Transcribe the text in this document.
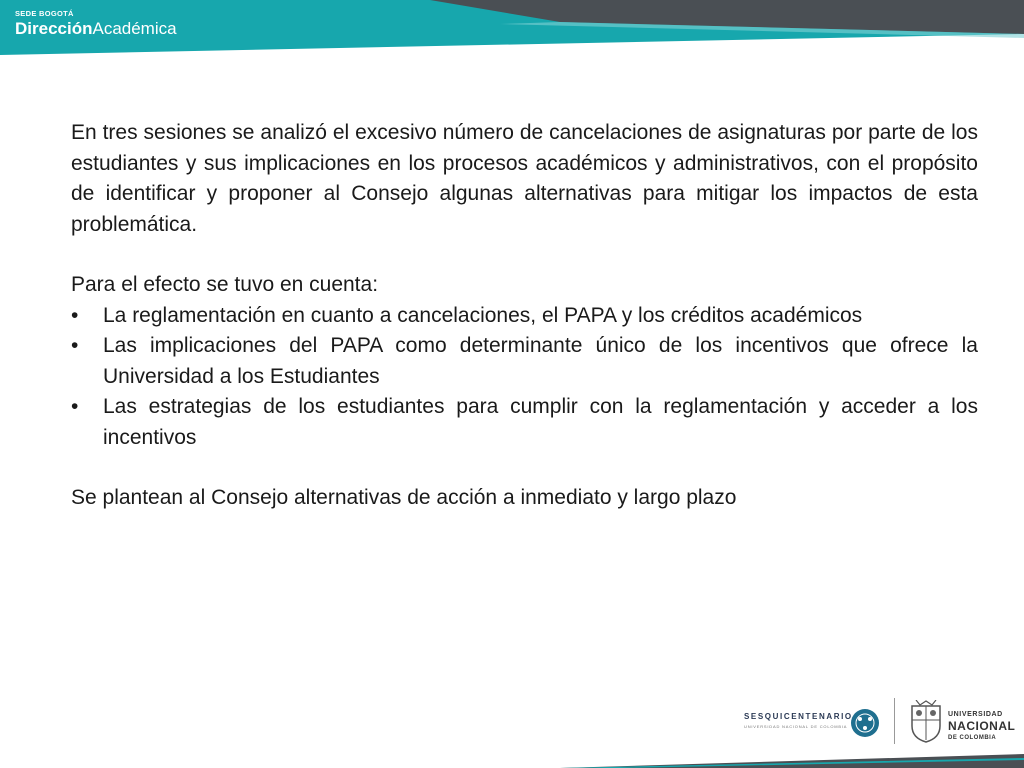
SEDE BOGOTÁ
DirecciónAcadémica

En tres sesiones se analizó el excesivo número de cancelaciones de asignaturas por parte de los estudiantes y sus implicaciones en los procesos académicos y administrativos, con el propósito de identificar y proponer al Consejo algunas alternativas para mitigar los impactos de esta problemática.

Para el efecto se tuvo en cuenta:

• La reglamentación en cuanto a cancelaciones, el PAPA y los créditos académicos
• Las implicaciones del PAPA como determinante único de los incentivos que ofrece la Universidad a los Estudiantes
• Las estrategias de los estudiantes para cumplir con la reglamentación y acceder a los incentivos

Se plantean al Consejo alternativas de acción a inmediato y largo plazo

SESQUICENTENARIO
UNIVERSIDAD NACIONAL DE COLOMBIA
UNIVERSIDAD
NACIONAL
DE COLOMBIA
